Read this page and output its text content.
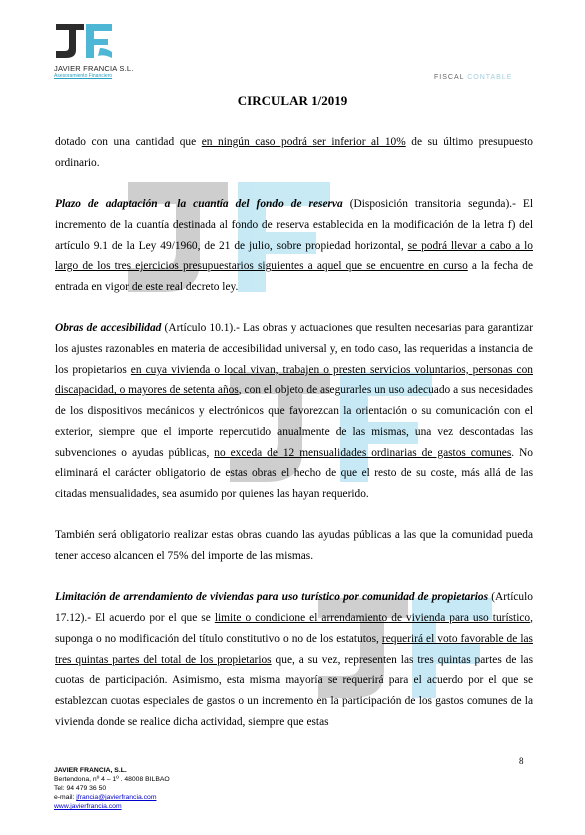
JAVIER FRANCIA S.L.
Asesoramiento Financiero	FISCAL CONTABLE
CIRCULAR 1/2019

dotado con una cantidad que en ningún caso podrá ser inferior al 10% de su último presupuesto ordinario.

Plazo de adaptación a la cuantía del fondo de reserva (Disposición transitoria segunda).- El incremento de la cuantía destinada al fondo de reserva establecida en la modificación de la letra f) del artículo 9.1 de la Ley 49/1960, de 21 de julio, sobre propiedad horizontal, se podrá llevar a cabo a lo largo de los tres ejercicios presupuestarios siguientes a aquel que se encuentre en curso a la fecha de entrada en vigor de este real decreto ley.

Obras de accesibilidad (Artículo 10.1).- Las obras y actuaciones que resulten necesarias para garantizar los ajustes razonables en materia de accesibilidad universal y, en todo caso, las requeridas a instancia de los propietarios en cuya vivienda o local vivan, trabajen o presten servicios voluntarios, personas con discapacidad, o mayores de setenta años, con el objeto de asegurarles un uso adecuado a sus necesidades de los dispositivos mecánicos y electrónicos que favorezcan la orientación o su comunicación con el exterior, siempre que el importe repercutido anualmente de las mismas, una vez descontadas las subvenciones o ayudas públicas, no exceda de 12 mensualidades ordinarias de gastos comunes. No eliminará el carácter obligatorio de estas obras el hecho de que el resto de su coste, más allá de las citadas mensualidades, sea asumido por quienes las hayan requerido.

También será obligatorio realizar estas obras cuando las ayudas públicas a las que la comunidad pueda tener acceso alcancen el 75% del importe de las mismas.

Limitación de arrendamiento de viviendas para uso turístico por comunidad de propietarios (Artículo 17.12).- El acuerdo por el que se limite o condicione el arrendamiento de vivienda para uso turístico, suponga o no modificación del título constitutivo o no de los estatutos, requerirá el voto favorable de las tres quintas partes del total de los propietarios que, a su vez, representen las tres quintas partes de las cuotas de participación. Asimismo, esta misma mayoría se requerirá para el acuerdo por el que se establezcan cuotas especiales de gastos o un incremento en la participación de los gastos comunes de la vivienda donde se realice dicha actividad, siempre que estas

8
JAVIER FRANCIA, S.L.
Bertendona, nº 4 – 1º . 48008 BILBAO
Tel: 94 479 36 50
e-mail: jfrancia@javierfrancia.com
www.javierfrancia.com
